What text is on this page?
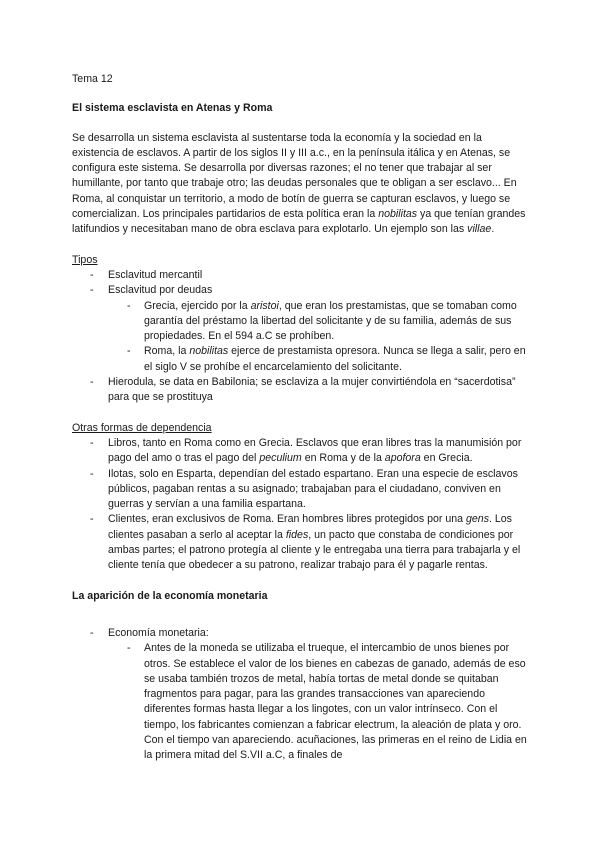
Tema 12
El sistema esclavista en Atenas y Roma

Se desarrolla un sistema esclavista al sustentarse toda la economía y la sociedad en la existencia de esclavos. A partir de los siglos II y III a.c., en la península itálica y en Atenas, se configura este sistema. Se desarrolla por diversas razones; el no tener que trabajar al ser humillante, por tanto que trabaje otro; las deudas personales que te obligan a ser esclavo... En Roma, al conquistar un territorio, a modo de botín de guerra se capturan esclavos, y luego se comercializan. Los principales partidarios de esta política eran la nobilitas ya que tenían grandes latifundios y necesitaban mano de obra esclava para explotarlo. Un ejemplo son las villae.

Tipos
- Esclavitud mercantil
- Esclavitud por deudas
- Grecia, ejercido por la aristoi, que eran los prestamistas, que se tomaban como garantía del préstamo la libertad del solicitante y de su familia, además de sus propiedades. En el 594 a.C se prohíben.
- Roma, la nobilitas ejerce de prestamista opresora. Nunca se llega a salir, pero en el siglo V se prohíbe el encarcelamiento del solicitante.
- Hierodula, se data en Babilonia; se esclaviza a la mujer convirtiéndola en “sacerdotisa” para que se prostituya
Otras formas de dependencia
- Libros, tanto en Roma como en Grecia. Esclavos que eran libres tras la manumisión por pago del amo o tras el pago del peculium en Roma y de la apofora en Grecia.
- Ilotas, solo en Esparta, dependían del estado espartano. Eran una especie de esclavos públicos, pagaban rentas a su asignado; trabajaban para el ciudadano, conviven en guerras y servían a una familia espartana.
- Clientes, eran exclusivos de Roma. Eran hombres libres protegidos por una gens. Los clientes pasaban a serlo al aceptar la fides, un pacto que constaba de condiciones por ambas partes; el patrono protegía al cliente y le entregaba una tierra para trabajarla y el cliente tenía que obedecer a su patrono, realizar trabajo para él y pagarle rentas.
La aparición de la economía monetaria
- Economía monetaria:
- Antes de la moneda se utilizaba el trueque, el intercambio de unos bienes por otros. Se establece el valor de los bienes en cabezas de ganado, además de eso se usaba también trozos de metal, había tortas de metal donde se quitaban fragmentos para pagar, para las grandes transacciones van apareciendo diferentes formas hasta llegar a los lingotes, con un valor intrínseco. Con el tiempo, los fabricantes comienzan a fabricar electrum, la aleación de plata y oro. Con el tiempo van apareciendo. acuñaciones, las primeras en el reino de Lidia en la primera mitad del S.VII a.C, a finales de
